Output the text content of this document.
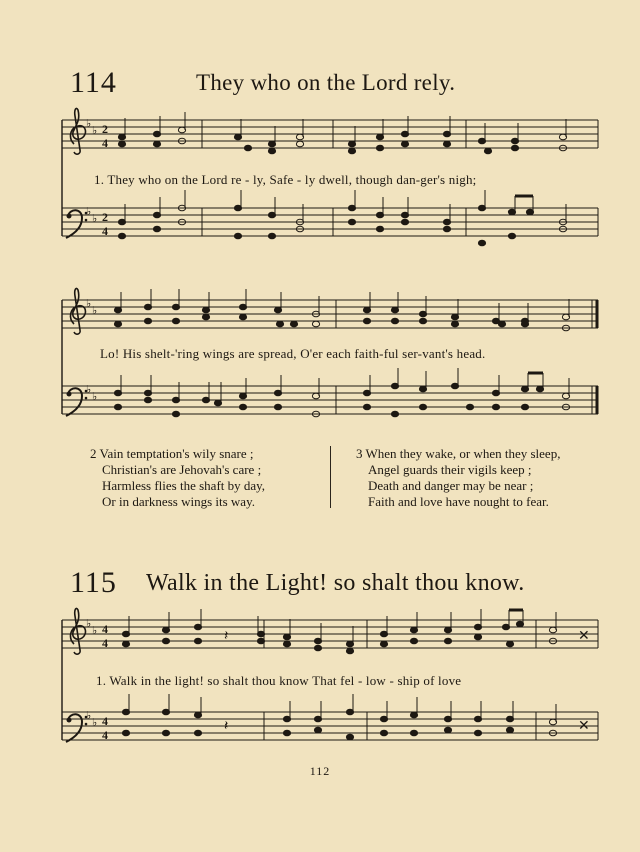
114	They who on the Lord rely.
♭
♭
♭
♭
2
4
2
4
♭
♭
♭
♭
♭
♭
♭
♭
4
4
4
4
𝄽
𝄽
✕
✕
1. They who on the Lord re - ly, Safe - ly dwell, though dan-ger's nigh;
Lo! His shelt-'ring wings are spread, O'er each faith-ful ser-vant's head.
2 Vain temptation's wily snare ;
Christian's are Jehovah's care ;
Harmless flies the shaft by day,
Or in darkness wings its way.
3 When they wake, or when they sleep,
Angel guards their vigils keep ;
Death and danger may be near ;
Faith and love have nought to fear.
115 Walk in the Light! so shalt thou know.
1. Walk in the light! so shalt thou know That fel - low - ship of love
112
